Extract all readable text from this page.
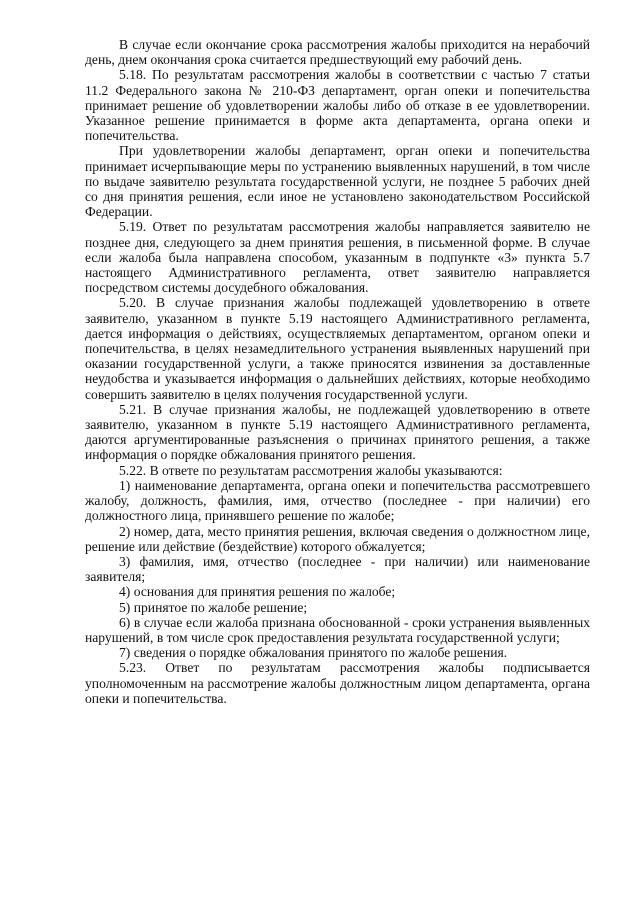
В случае если окончание срока рассмотрения жалобы приходится на нерабочий день, днем окончания срока считается предшествующий ему рабочий день.

5.18. По результатам рассмотрения жалобы в соответствии с частью 7 статьи 11.2 Федерального закона № 210-ФЗ департамент, орган опеки и попечительства принимает решение об удовлетворении жалобы либо об отказе в ее удовлетворении. Указанное решение принимается в форме акта департамента, органа опеки и попечительства.

При удовлетворении жалобы департамент, орган опеки и попечительства принимает исчерпывающие меры по устранению выявленных нарушений, в том числе по выдаче заявителю результата государственной услуги, не позднее 5 рабочих дней со дня принятия решения, если иное не установлено законодательством Российской Федерации.

5.19. Ответ по результатам рассмотрения жалобы направляется заявителю не позднее дня, следующего за днем принятия решения, в письменной форме. В случае если жалоба была направлена способом, указанным в подпункте «3» пункта 5.7 настоящего Административного регламента, ответ заявителю направляется посредством системы досудебного обжалования.

5.20. В случае признания жалобы подлежащей удовлетворению в ответе заявителю, указанном в пункте 5.19 настоящего Административного регламента, дается информация о действиях, осуществляемых департаментом, органом опеки и попечительства, в целях незамедлительного устранения выявленных нарушений при оказании государственной услуги, а также приносятся извинения за доставленные неудобства и указывается информация о дальнейших действиях, которые необходимо совершить заявителю в целях получения государственной услуги.

5.21. В случае признания жалобы, не подлежащей удовлетворению в ответе заявителю, указанном в пункте 5.19 настоящего Административного регламента, даются аргументированные разъяснения о причинах принятого решения, а также информация о порядке обжалования принятого решения.

5.22. В ответе по результатам рассмотрения жалобы указываются:

1) наименование департамента, органа опеки и попечительства рассмотревшего жалобу, должность, фамилия, имя, отчество (последнее - при наличии) его должностного лица, принявшего решение по жалобе;

2) номер, дата, место принятия решения, включая сведения о должностном лице, решение или действие (бездействие) которого обжалуется;

3) фамилия, имя, отчество (последнее - при наличии) или наименование заявителя;

4) основания для принятия решения по жалобе;

5) принятое по жалобе решение;

6) в случае если жалоба признана обоснованной - сроки устранения выявленных нарушений, в том числе срок предоставления результата государственной услуги;

7) сведения о порядке обжалования принятого по жалобе решения.

5.23. Ответ по результатам рассмотрения жалобы подписывается уполномоченным на рассмотрение жалобы должностным лицом департамента, органа опеки и попечительства.
